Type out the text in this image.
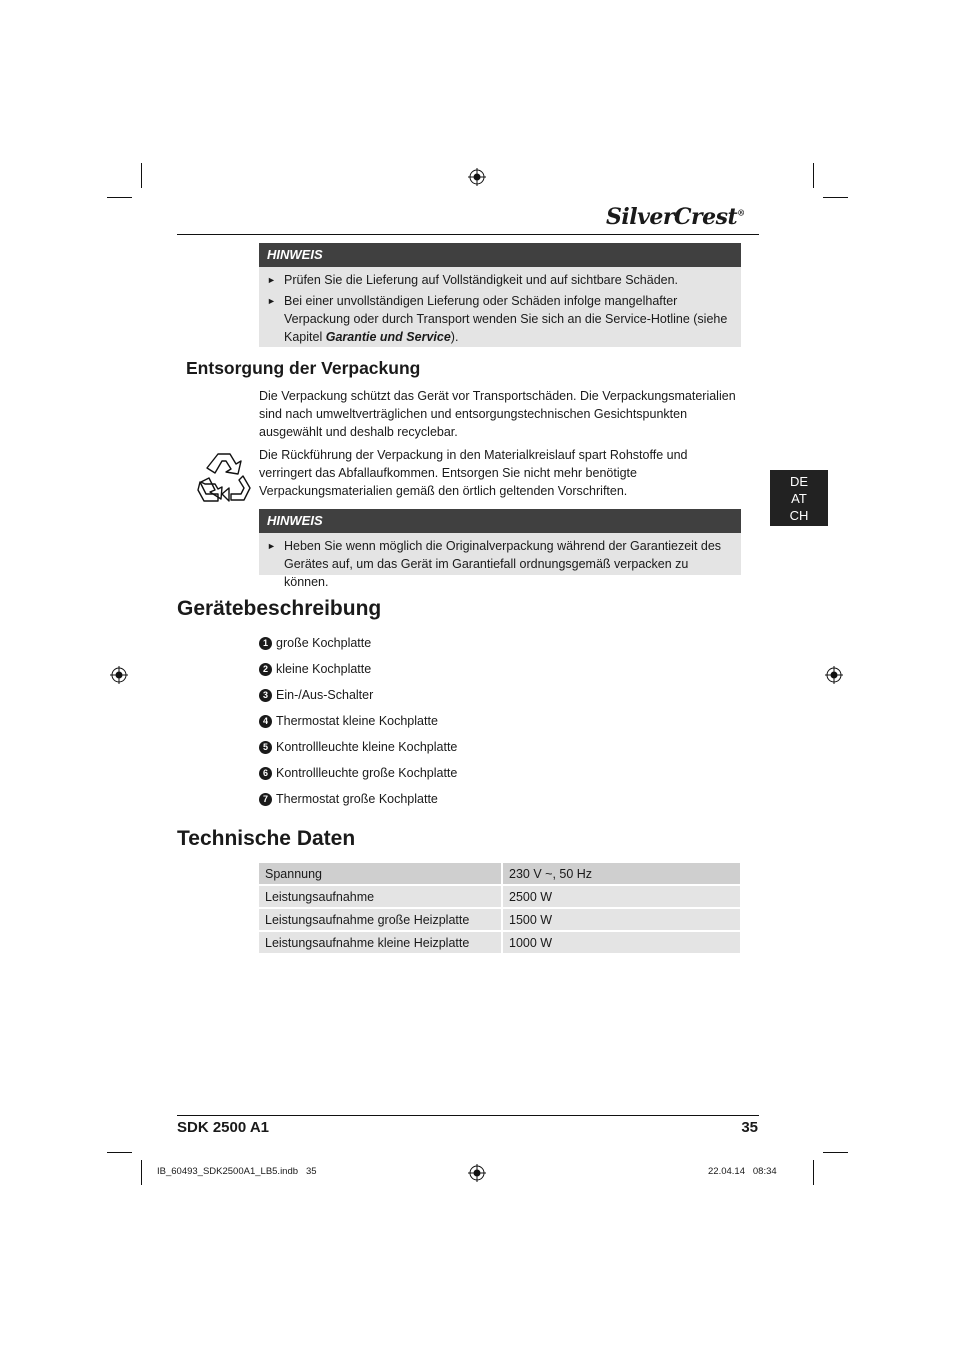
SilverCrest®
HINWEIS
► Prüfen Sie die Lieferung auf Vollständigkeit und auf sichtbare Schäden.
► Bei einer unvollständigen Lieferung oder Schäden infolge mangelhafter Verpackung oder durch Transport wenden Sie sich an die Service-Hotline (siehe Kapitel Garantie und Service).
Entsorgung der Verpackung
Die Verpackung schützt das Gerät vor Transportschäden. Die Verpackungsmaterialien sind nach umweltverträglichen und entsorgungstechnischen Gesichtspunkten ausgewählt und deshalb recyclebar.
Die Rückführung der Verpackung in den Materialkreislauf spart Rohstoffe und verringert das Abfallaufkommen. Entsorgen Sie nicht mehr benötigte Verpackungsmaterialien gemäß den örtlich geltenden Vorschriften.
HINWEIS
► Heben Sie wenn möglich die Originalverpackung während der Garantiezeit des Gerätes auf, um das Gerät im Garantiefall ordnungsgemäß verpacken zu können.
DE
AT
CH
Gerätebeschreibung
1 große Kochplatte
2 kleine Kochplatte
3 Ein-/Aus-Schalter
4 Thermostat kleine Kochplatte
5 Kontrollleuchte kleine Kochplatte
6 Kontrollleuchte große Kochplatte
7 Thermostat große Kochplatte
Technische Daten
Spannung	230 V ~, 50 Hz
Leistungsaufnahme	2500 W
Leistungsaufnahme große Heizplatte	1500 W
Leistungsaufnahme kleine Heizplatte	1000 W
SDK 2500 A1	35
IB_60493_SDK2500A1_LB5.indb   35	22.04.14   08:34
